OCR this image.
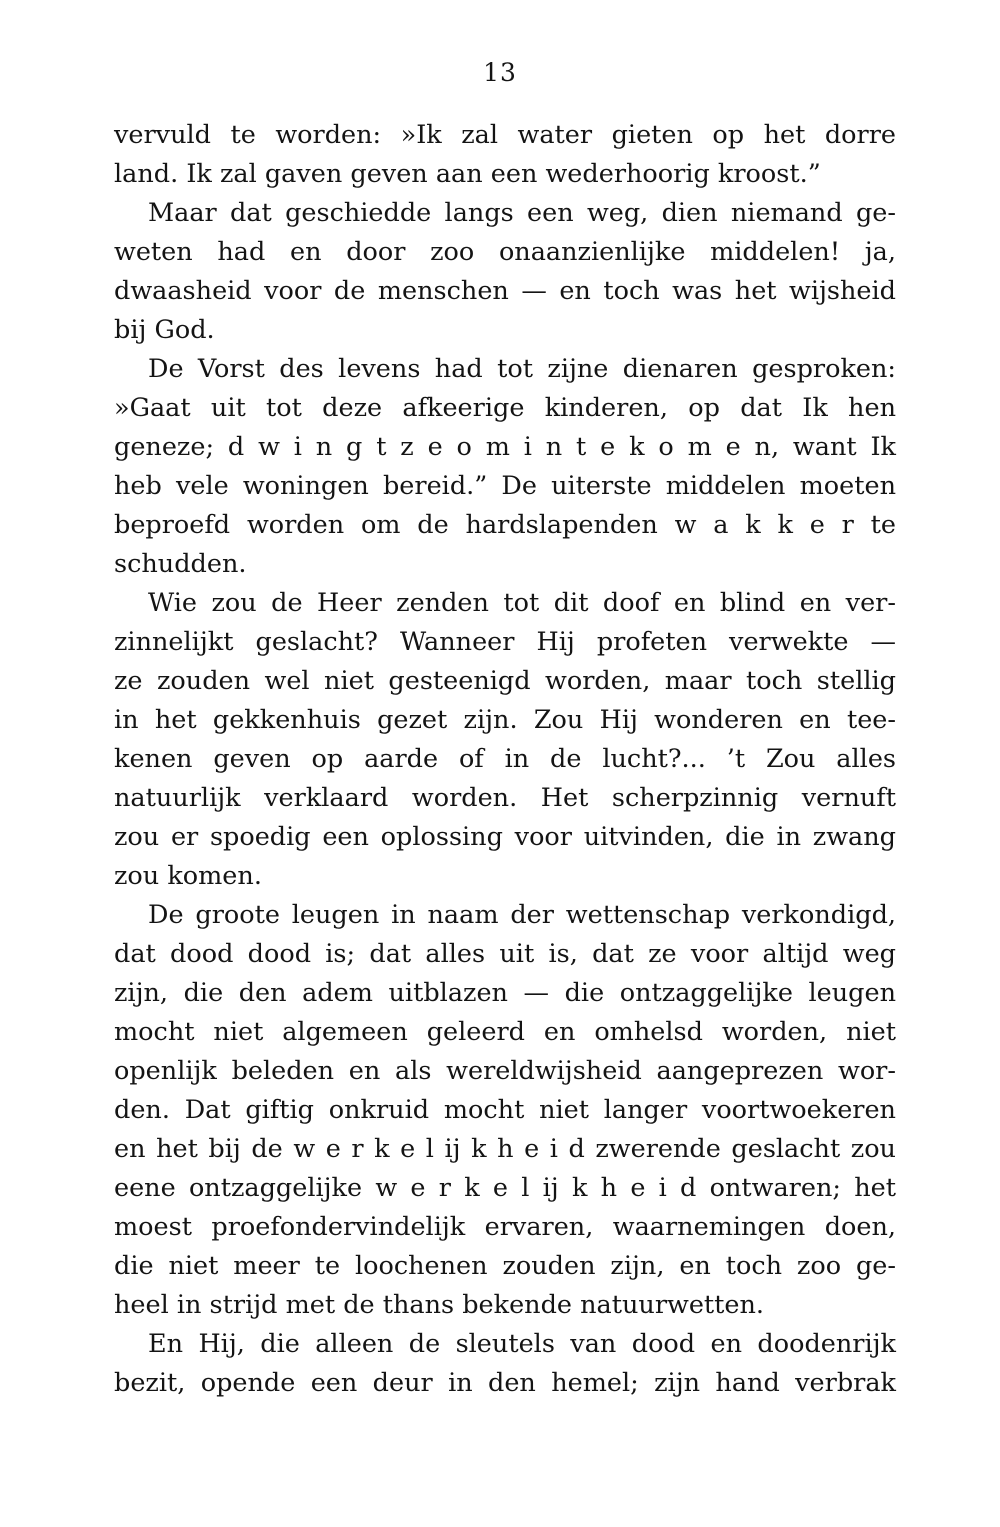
13
vervuld te worden: »Ik zal water gieten op het dorre
land. Ik zal gaven geven aan een wederhoorig kroost.”
Maar dat geschiedde langs een weg, dien niemand ge-
weten had en door zoo onaanzienlijke middelen! ja,
dwaasheid voor de menschen — en toch was het wijsheid
bij God.
De Vorst des levens had tot zijne dienaren gesproken:
»Gaat uit tot deze afkeerige kinderen, op dat Ik hen
geneze; d w i n g t z e o m i n t e k o m e n, want Ik
heb vele woningen bereid.” De uiterste middelen moeten
beproefd worden om de hardslapenden w a k k e r te
schudden.
Wie zou de Heer zenden tot dit doof en blind en ver-
zinnelijkt geslacht? Wanneer Hij profeten verwekte —
ze zouden wel niet gesteenigd worden, maar toch stellig
in het gekkenhuis gezet zijn. Zou Hij wonderen en tee-
kenen geven op aarde of in de lucht?... ’t Zou alles
natuurlijk verklaard worden. Het scherpzinnig vernuft
zou er spoedig een oplossing voor uitvinden, die in zwang
zou komen.
De groote leugen in naam der wettenschap verkondigd,
dat dood dood is; dat alles uit is, dat ze voor altijd weg
zijn, die den adem uitblazen — die ontzaggelijke leugen
mocht niet algemeen geleerd en omhelsd worden, niet
openlijk beleden en als wereldwijsheid aangeprezen wor-
den. Dat giftig onkruid mocht niet langer voortwoekeren
en het bij de w e r k e l ij k h e i d zwerende geslacht zou
eene ontzaggelijke w e r k e l ij k h e i d ontwaren; het
moest proefondervindelijk ervaren, waarnemingen doen,
die niet meer te loochenen zouden zijn, en toch zoo ge-
heel in strijd met de thans bekende natuurwetten.
En Hij, die alleen de sleutels van dood en doodenrijk
bezit, opende een deur in den hemel; zijn hand verbrak
